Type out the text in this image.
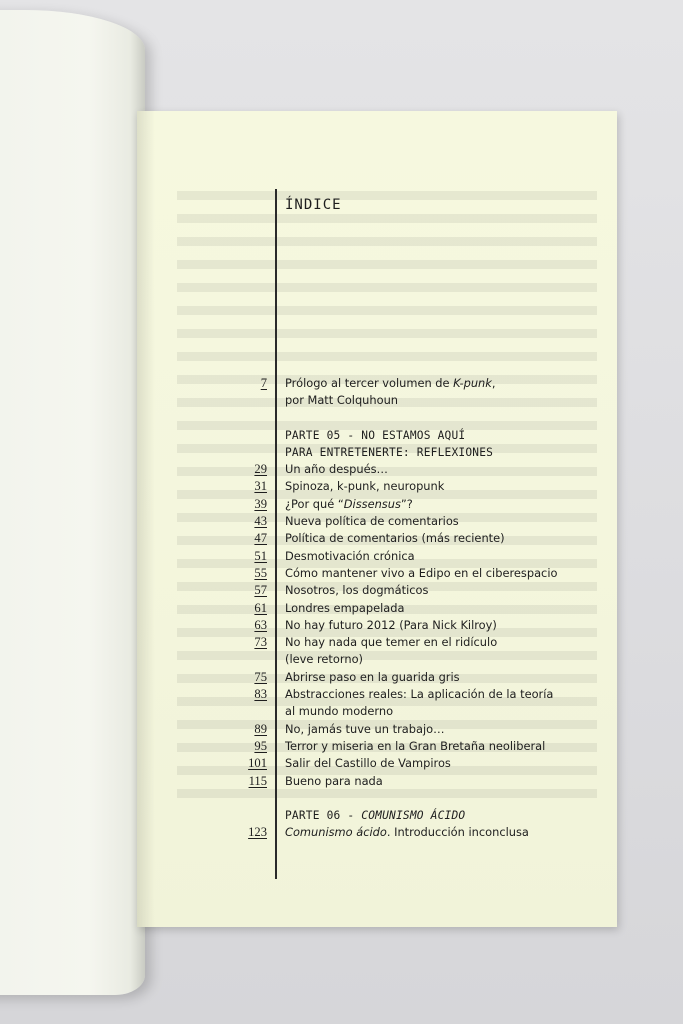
ÍNDICE
7 Prólogo al tercer volumen de K-punk,
por Matt Colquhoun
PARTE 05 - NO ESTAMOS AQUÍ
PARA ENTRETENERTE: REFLEXIONES
29 Un año después…
31 Spinoza, k-punk, neuropunk
39 ¿Por qué “Dissensus”?
43 Nueva política de comentarios
47 Política de comentarios (más reciente)
51 Desmotivación crónica
55 Cómo mantener vivo a Edipo en el ciberespacio
57 Nosotros, los dogmáticos
61 Londres empapelada
63 No hay futuro 2012 (Para Nick Kilroy)
73 No hay nada que temer en el ridículo
(leve retorno)
75 Abrirse paso en la guarida gris
83 Abstracciones reales: La aplicación de la teoría
al mundo moderno
89 No, jamás tuve un trabajo…
95 Terror y miseria en la Gran Bretaña neoliberal
101 Salir del Castillo de Vampiros
115 Bueno para nada
PARTE 06 - COMUNISMO ÁCIDO
123 Comunismo ácido. Introducción inconclusa
